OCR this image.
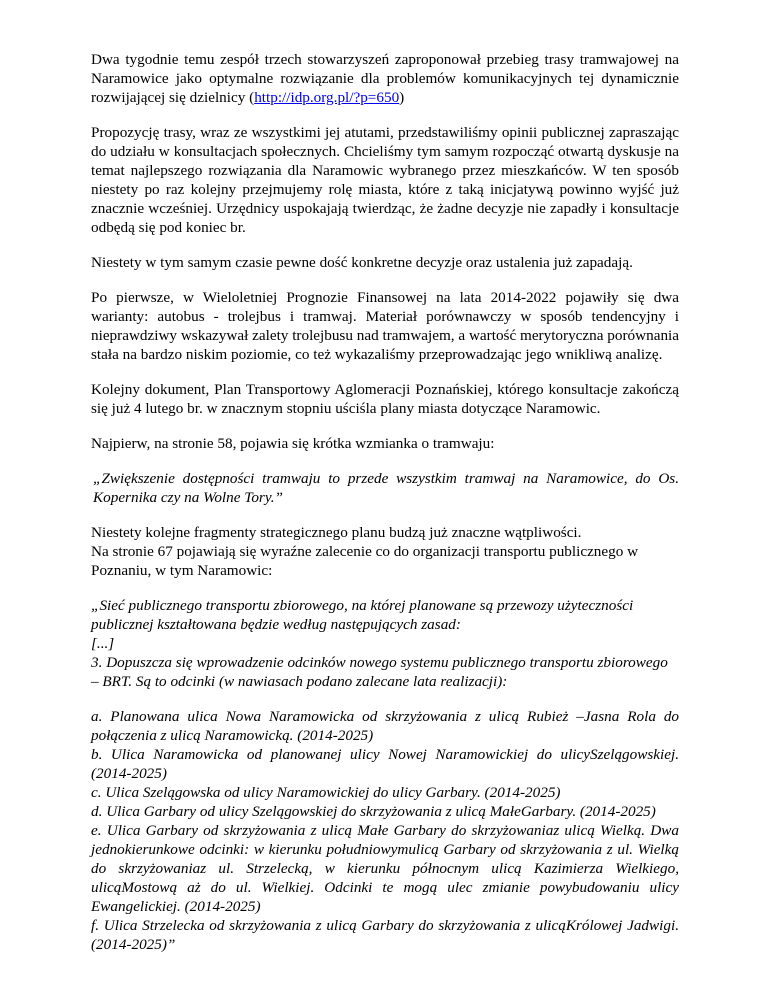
Dwa tygodnie temu zespół trzech stowarzyszeń zaproponował przebieg trasy tramwajowej na Naramowice jako optymalne rozwiązanie dla problemów komunikacyjnych tej dynamicznie rozwijającej się dzielnicy (http://idp.org.pl/?p=650)

Propozycję trasy, wraz ze wszystkimi jej atutami, przedstawiliśmy opinii publicznej zapraszając do udziału w konsultacjach społecznych. Chcieliśmy tym samym rozpocząć otwartą dyskusje na temat najlepszego rozwiązania dla Naramowic wybranego przez mieszkańców. W ten sposób niestety po raz kolejny przejmujemy rolę miasta, które z taką inicjatywą powinno wyjść już znacznie wcześniej. Urzędnicy uspokajają twierdząc, że żadne decyzje nie zapadły i konsultacje odbędą się pod koniec br.

Niestety w tym samym czasie pewne dość konkretne decyzje oraz ustalenia już zapadają.

Po pierwsze, w Wieloletniej Prognozie Finansowej na lata 2014-2022 pojawiły się dwa warianty: autobus - trolejbus i tramwaj. Materiał porównawczy w sposób tendencyjny i nieprawdziwy wskazywał zalety trolejbusu nad tramwajem, a wartość merytoryczna porównania stała na bardzo niskim poziomie, co też wykazaliśmy przeprowadzając jego wnikliwą analizę.

Kolejny dokument, Plan Transportowy Aglomeracji Poznańskiej, którego konsultacje zakończą się już 4 lutego br. w znacznym stopniu uściśla plany miasta dotyczące Naramowic.

Najpierw, na stronie 58, pojawia się krótka wzmianka o tramwaju:

„Zwiększenie dostępności tramwaju to przede wszystkim tramwaj na Naramowice, do Os. Kopernika czy na Wolne Tory.”

Niestety kolejne fragmenty strategicznego planu budzą już znaczne wątpliwości.
Na stronie 67 pojawiają się wyraźne zalecenie co do organizacji transportu publicznego w Poznaniu, w tym Naramowic:

„Sieć publicznego transportu zbiorowego, na której planowane są przewozy użyteczności publicznej kształtowana będzie według następujących zasad:
[...]
3. Dopuszcza się wprowadzenie odcinków nowego systemu publicznego transportu zbiorowego – BRT. Są to odcinki (w nawiasach podano zalecane lata realizacji):

a. Planowana ulica Nowa Naramowicka od skrzyżowania z ulicą Rubież –Jasna Rola do połączenia z ulicą Naramowicką. (2014-2025)
b. Ulica Naramowicka od planowanej ulicy Nowej Naramowickiej do ulicySzelągowskiej. (2014-2025)
c. Ulica Szelągowska od ulicy Naramowickiej do ulicy Garbary. (2014-2025)
d. Ulica Garbary od ulicy Szelągowskiej do skrzyżowania z ulicą MałeGarbary. (2014-2025)
e. Ulica Garbary od skrzyżowania z ulicą Małe Garbary do skrzyżowaniaz ulicą Wielką. Dwa jednokierunkowe odcinki: w kierunku południowymulicą Garbary od skrzyżowania z ul. Wielką do skrzyżowaniaz ul. Strzelecką, w kierunku północnym ulicą Kazimierza Wielkiego, ulicąMostową aż do ul. Wielkiej. Odcinki te mogą ulec zmianie powybudowaniu ulicy Ewangelickiej. (2014-2025)
f. Ulica Strzelecka od skrzyżowania z ulicą Garbary do skrzyżowania z ulicąKrólowej Jadwigi. (2014-2025)”
